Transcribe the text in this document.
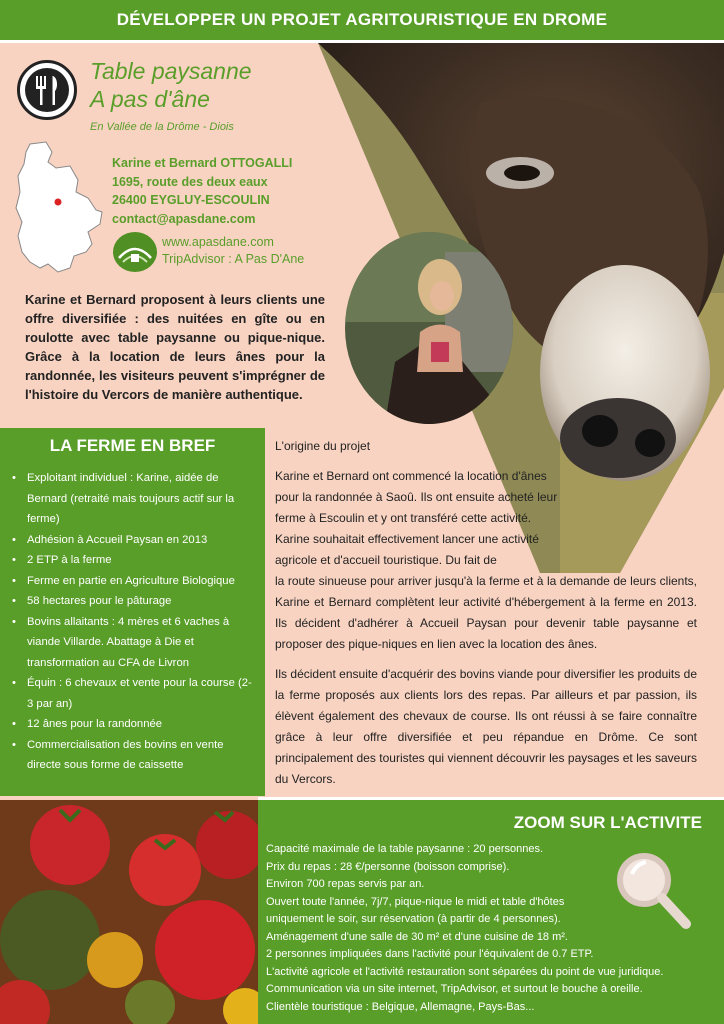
DÉVELOPPER UN PROJET AGRITOURISTIQUE EN DROME
Table paysanne
A pas d'âne
En Vallée de la Drôme - Diois
Karine et Bernard OTTOGALLI
1695, route des deux eaux
26400 EYGLUY-ESCOULIN
contact@apasdane.com
www.apasdane.com
TripAdvisor : A Pas D'Ane
Karine et Bernard proposent à leurs clients une offre diversifiée : des nuitées en gîte ou en roulotte avec table paysanne ou pique-nique. Grâce à la location de leurs ânes pour la randonnée, les visiteurs peuvent s'imprégner de l'histoire du Vercors de manière authentique.
LA FERME EN BREF
• Exploitant individuel : Karine, aidée de Bernard (retraité mais toujours actif sur la ferme)
• Adhésion à Accueil Paysan en 2013
• 2 ETP à la ferme
• Ferme en partie en Agriculture Biologique
• 58 hectares pour le pâturage
• Bovins allaitants : 4 mères et 6 vaches à viande Villarde. Abattage à Die et transformation au CFA de Livron
• Équin : 6 chevaux et vente pour la course (2-3 par an)
• 12 ânes pour la randonnée
• Commercialisation des bovins en vente directe sous forme de caissette

L'origine du projet

Karine et Bernard ont commencé la location d'ânes pour la randonnée à Saoû. Ils ont ensuite acheté leur ferme à Escoulin et y ont transféré cette activité. Karine souhaitait effectivement lancer une activité agricole et d'accueil touristique. Du fait de

la route sinueuse pour arriver jusqu'à la ferme et à la demande de leurs clients, Karine et Bernard complètent leur activité d'hébergement à la ferme en 2013. Ils décident d'adhérer à Accueil Paysan pour devenir table paysanne et proposer des pique-niques en lien avec la location des ânes.

Ils décident ensuite d'acquérir des bovins viande pour diversifier les produits de la ferme proposés aux clients lors des repas. Par ailleurs et par passion, ils élèvent également des chevaux de course. Ils ont réussi à se faire connaître grâce à leur offre diversifiée et peu répandue en Drôme. Ce sont principalement des touristes qui viennent découvrir les paysages et les saveurs du Vercors.

ZOOM SUR L'ACTIVITE
Capacité maximale de la table paysanne : 20 personnes.
Prix du repas : 28 €/personne (boisson comprise).
Environ 700 repas servis par an.
Ouvert toute l'année, 7j/7, pique-nique le midi et table d'hôtes
uniquement le soir, sur réservation (à partir de 4 personnes).
Aménagement d'une salle de 30 m² et d'une cuisine de 18 m².
2 personnes impliquées dans l'activité pour l'équivalent de 0.7 ETP.
L'activité agricole et l'activité restauration sont séparées du point de vue juridique.
Communication via un site internet, TripAdvisor, et surtout le bouche à oreille.
Clientèle touristique : Belgique, Allemagne, Pays-Bas...
